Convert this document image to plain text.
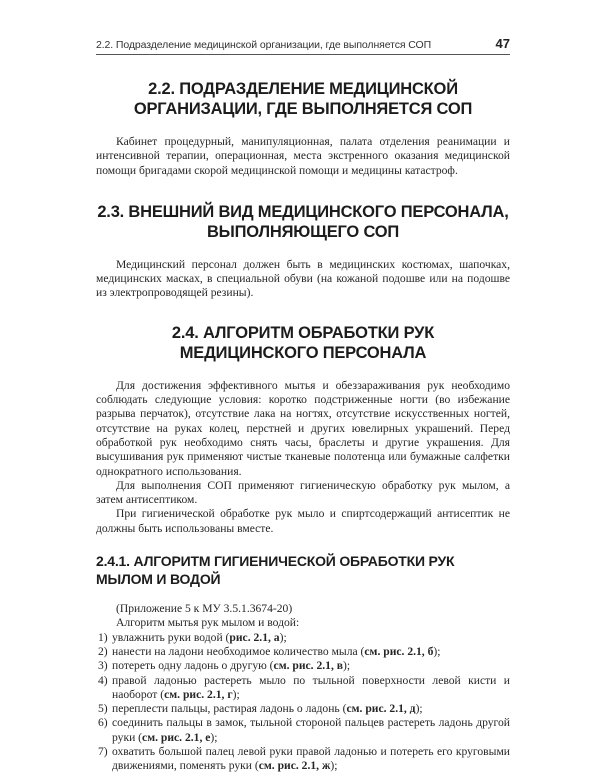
2.2. Подразделение медицинской организации, где выполняется СОП	47
2.2. ПОДРАЗДЕЛЕНИЕ МЕДИЦИНСКОЙ
ОРГАНИЗАЦИИ, ГДЕ ВЫПОЛНЯЕТСЯ СОП

Кабинет процедурный, манипуляционная, палата отделения реанимации и интенсивной терапии, операционная, места экстренного оказания медицинской помощи бригадами скорой медицинской помощи и медицины катастроф.

2.3. ВНЕШНИЙ ВИД МЕДИЦИНСКОГО ПЕРСОНАЛА,
ВЫПОЛНЯЮЩЕГО СОП

Медицинский персонал должен быть в медицинских костюмах, шапочках, медицинских масках, в специальной обуви (на кожаной подошве или на подошве из электропроводящей резины).

2.4. АЛГОРИТМ ОБРАБОТКИ РУК
МЕДИЦИНСКОГО ПЕРСОНАЛА

Для достижения эффективного мытья и обеззараживания рук необходимо соблюдать следующие условия: коротко подстриженные ногти (во избежание разрыва перчаток), отсутствие лака на ногтях, отсутствие искусственных ногтей, отсутствие на руках колец, перстней и других ювелирных украшений. Перед обработкой рук необходимо снять часы, браслеты и другие украшения. Для высушивания рук применяют чистые тканевые полотенца или бумажные салфетки однократного использования.

Для выполнения СОП применяют гигиеническую обработку рук мылом, а затем антисептиком.

При гигиенической обработке рук мыло и спиртсодержащий антисептик не должны быть использованы вместе.

2.4.1. АЛГОРИТМ ГИГИЕНИЧЕСКОЙ ОБРАБОТКИ РУК
МЫЛОМ И ВОДОЙ
(Приложение 5 к МУ 3.5.1.3674-20)
Алгоритм мытья рук мылом и водой:
1) увлажнить руки водой (рис. 2.1, а);
2) нанести на ладони необходимое количество мыла (см. рис. 2.1, б);
3) потереть одну ладонь о другую (см. рис. 2.1, в);
4) правой ладонью растереть мыло по тыльной поверхности левой кисти и наоборот (см. рис. 2.1, г);
5) переплести пальцы, растирая ладонь о ладонь (см. рис. 2.1, д);
6) соединить пальцы в замок, тыльной стороной пальцев растереть ладонь другой руки (см. рис. 2.1, е);
7) охватить большой палец левой руки правой ладонью и потереть его круговыми движениями, поменять руки (см. рис. 2.1, ж);
